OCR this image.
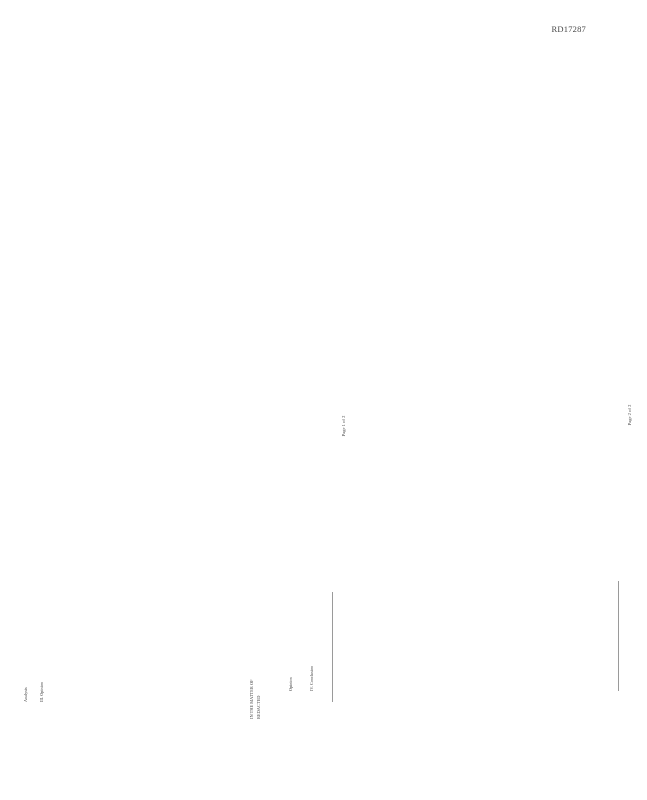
RD17287
Analysis	III. Opinion
Page 1 of 2
IN THE MATTER OF REDACTED
Opinion	IV. Conclusion
Page 2 of 2
